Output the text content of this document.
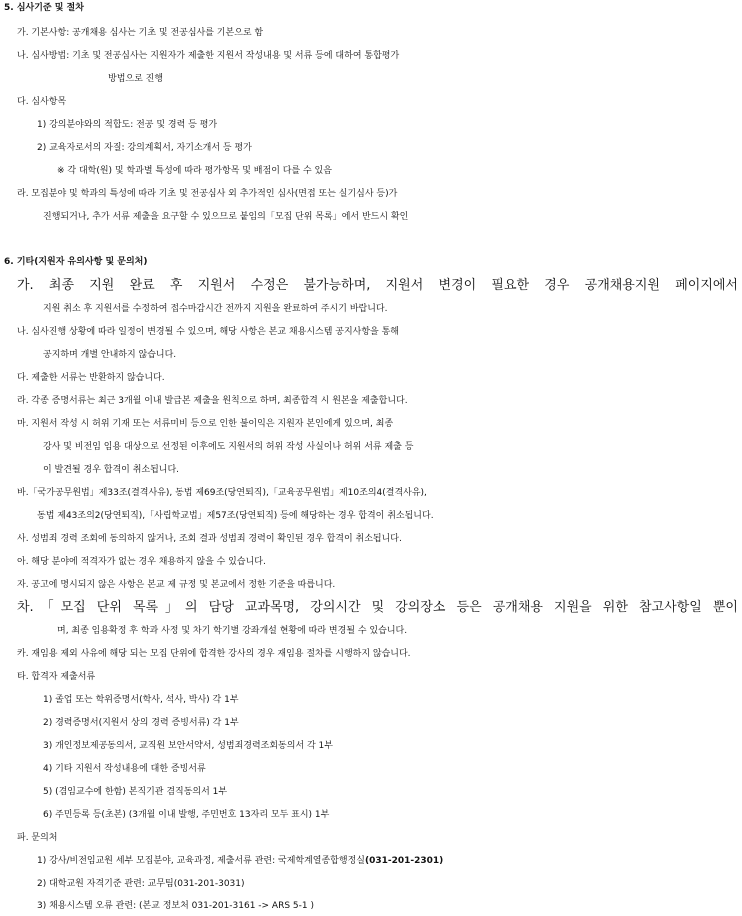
5. 심사기준 및 절차
가. 기본사항: 공개채용 심사는 기초 및 전공심사를 기본으로 함
나. 심사방법: 기초 및 전공심사는 지원자가 제출한 지원서 작성내용 및 서류 등에 대하여 통합평가
방법으로 진행
다. 심사항목
1) 강의분야와의 적합도: 전공 및 경력 등 평가
2) 교육자로서의 자질: 강의계획서, 자기소개서 등 평가
※ 각 대학(원) 및 학과별 특성에 따라 평가항목 및 배점이 다를 수 있음
라. 모집분야 및 학과의 특성에 따라 기초 및 전공심사 외 추가적인 심사(면접 또는 실기심사 등)가
진행되거나, 추가 서류 제출을 요구할 수 있으므로 붙임의「모집 단위 목록」에서 반드시 확인
6. 기타(지원자 유의사항 및 문의처)
가. 최종 지원 완료 후 지원서 수정은 불가능하며, 지원서 변경이 필요한 경우 공개채용지원 페이지에서
지원 취소 후 지원서를 수정하여 접수마감시간 전까지 지원을 완료하여 주시기 바랍니다.
나. 심사진행 상황에 따라 일정이 변경될 수 있으며, 해당 사항은 본교 채용시스템 공지사항을 통해
공지하며 개별 안내하지 않습니다.
다. 제출한 서류는 반환하지 않습니다.
라. 각종 증명서류는 최근 3개월 이내 발급본 제출을 원칙으로 하며, 최종합격 시 원본을 제출합니다.
마. 지원서 작성 시 허위 기재 또는 서류미비 등으로 인한 불이익은 지원자 본인에게 있으며, 최종
강사 및 비전임 임용 대상으로 선정된 이후에도 지원서의 허위 작성 사실이나 허위 서류 제출 등
이 발견될 경우 합격이 취소됩니다.
바.「국가공무원법」제33조(결격사유), 동법 제69조(당연퇴직),「교육공무원법」제10조의4(결격사유),
동법 제43조의2(당연퇴직),「사립학교법」제57조(당연퇴직) 등에 해당하는 경우 합격이 취소됩니다.
사. 성범죄 경력 조회에 동의하지 않거나, 조회 결과 성범죄 경력이 확인된 경우 합격이 취소됩니다.
아. 해당 분야에 적격자가 없는 경우 채용하지 않을 수 있습니다.
자. 공고에 명시되지 않은 사항은 본교 제 규정 및 본교에서 정한 기준을 따릅니다.
차.「모집 단위 목록」의 담당 교과목명, 강의시간 및 강의장소 등은 공개채용 지원을 위한 참고사항일 뿐이
며, 최종 임용확정 후 학과 사정 및 차기 학기별 강좌개설 현황에 따라 변경될 수 있습니다.
카. 재임용 제외 사유에 해당 되는 모집 단위에 합격한 강사의 경우 재임용 절차를 시행하지 않습니다.
타. 합격자 제출서류
1) 졸업 또는 학위증명서(학사, 석사, 박사) 각 1부
2) 경력증명서(지원서 상의 경력 증빙서류) 각 1부
3) 개인정보제공동의서, 교직원 보안서약서, 성범죄경력조회동의서 각 1부
4) 기타 지원서 작성내용에 대한 증빙서류
5) (겸임교수에 한함) 본직기관 겸직동의서 1부
6) 주민등록 등(초본) (3개월 이내 발행, 주민번호 13자리 모두 표시) 1부
파. 문의처
1) 강사/비전임교원 세부 모집분야, 교육과정, 제출서류 관련: 국제학계열종합행정실(031-201-2301)
2) 대학교원 자격기준 관련: 교무팀(031-201-3031)
3) 채용시스템 오류 관련: (본교 정보처 031-201-3161 -> ARS 5-1 )
